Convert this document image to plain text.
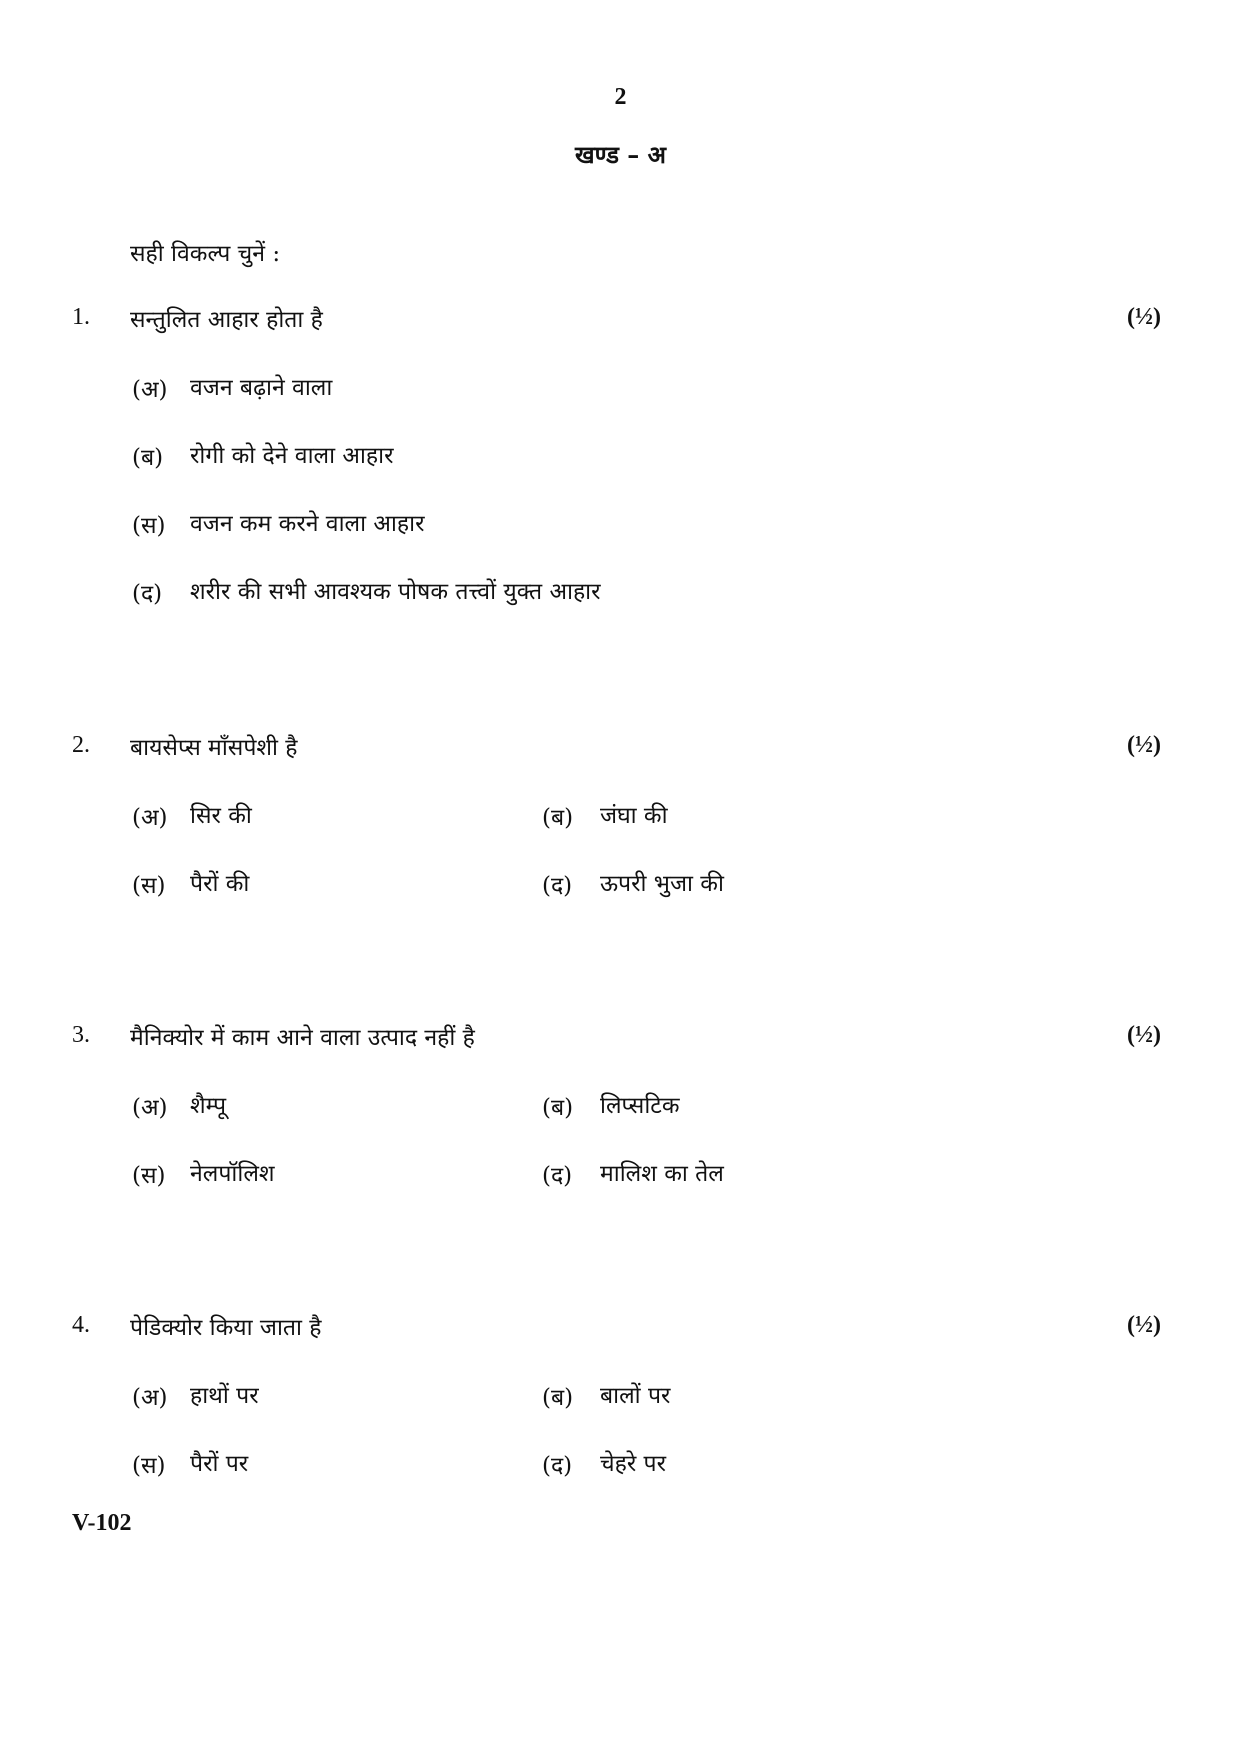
2
खण्ड – अ
सही विकल्प चुनें :
1. सन्तुलित आहार होता है	(½)
(अ) वजन बढ़ाने वाला
(ब) रोगी को देने वाला आहार
(स) वजन कम करने वाला आहार
(द) शरीर की सभी आवश्यक पोषक तत्त्वों युक्त आहार
2. बायसेप्स माँसपेशी है	(½)
(अ) सिर की	(ब) जंघा की
(स) पैरों की	(द) ऊपरी भुजा की
3. मैनिक्योर में काम आने वाला उत्पाद नहीं है	(½)
(अ) शैम्पू	(ब) लिप्सटिक
(स) नेलपॉलिश	(द) मालिश का तेल
4. पेडिक्योर किया जाता है	(½)
(अ) हाथों पर	(ब) बालों पर
(स) पैरों पर	(द) चेहरे पर
V-102
